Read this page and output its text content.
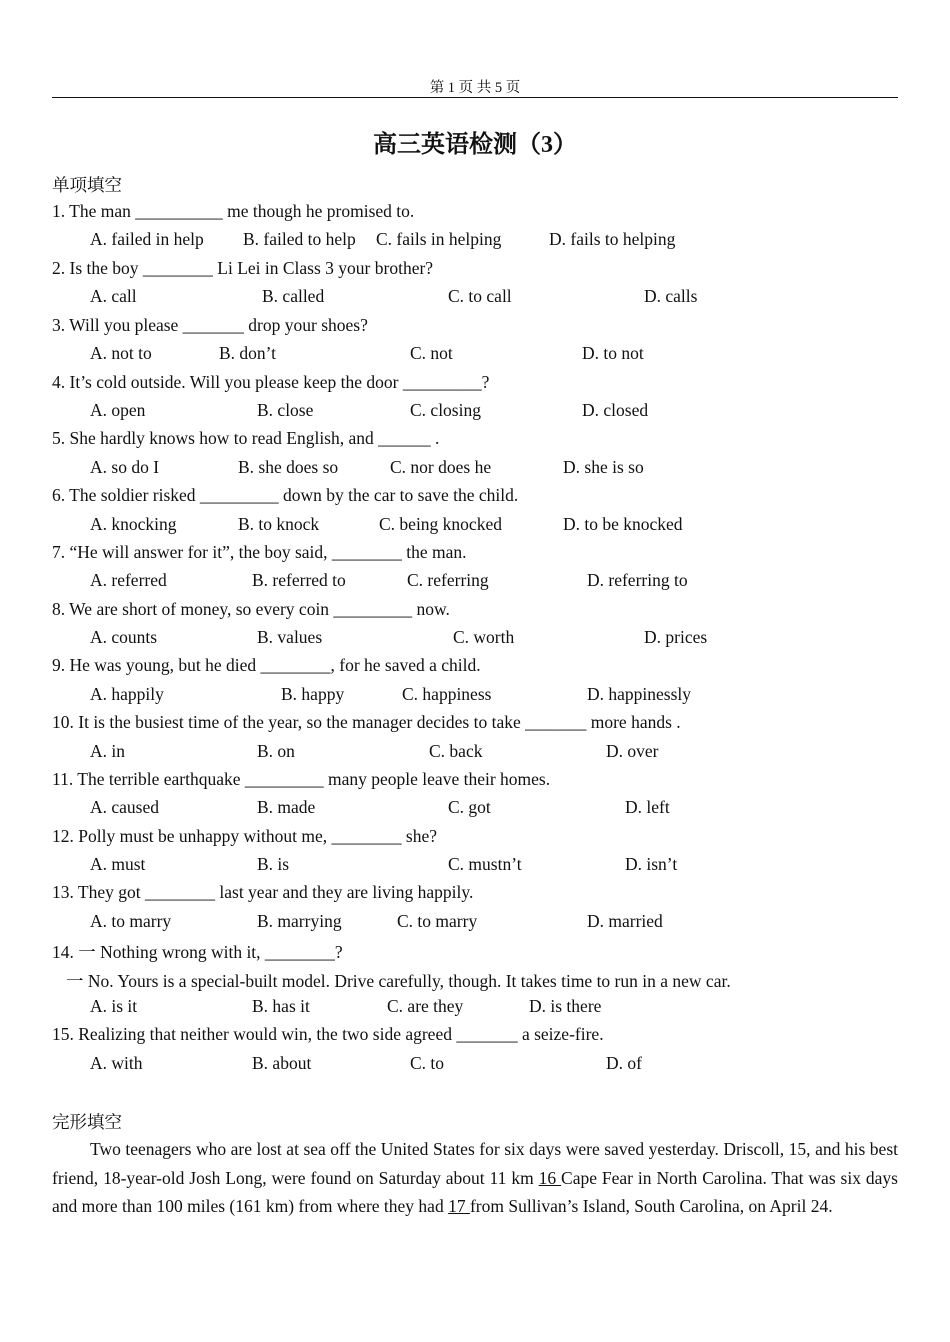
第 1 页 共 5 页
高三英语检测（3）
单项填空
1. The man __________ me though he promised to.
A. failed in help B. failed to help C. fails in helping	D. fails to helping
2. Is the boy ________ Li Lei in Class 3 your brother?
A. call	B. called	C. to call	D. calls
3. Will you please _______ drop your shoes?
A. not to	B. don’t	C. not	D. to not
4. It’s cold outside. Will you please keep the door _________?
A. open	B. close	C. closing	D. closed
5. She hardly knows how to read English, and ______ .
A. so do I	B. she does so	C. nor does he	D. she is so
6. The soldier risked _________ down by the car to save the child.
A. knocking	B. to knock	C. being knocked	D. to be knocked
7. “He will answer for it”, the boy said, ________ the man.
A. referred	B. referred to	C. referring	D. referring to
8. We are short of money, so every coin _________ now.
A. counts	B. values	C. worth	D. prices
9. He was young, but he died ________, for he saved a child.
A. happily	B. happy	C. happiness	D. happinessly
10. It is the busiest time of the year, so the manager decides to take _______ more hands .
A. in	B. on	C. back	D. over
11. The terrible earthquake _________ many people leave their homes.
A. caused	B. made	C. got	D. left
12. Polly must be unhappy without me, ________ she?
A. must	B. is	C. mustn’t	D. isn’t
13. They got ________ last year and they are living happily.
A. to marry	B. marrying	C. to marry	D. married
14. 一 Nothing wrong with it, ________?
一 No. Yours is a special-built model. Drive carefully, though. It takes time to run in a new car.
A. is it	B. has it	C. are they	D. is there
15. Realizing that neither would win, the two side agreed _______ a seize-fire.
A. with	B. about	C. to	D. of
完形填空
Two teenagers who are lost at sea off the United States for six days were saved yesterday. Driscoll, 15, and his best friend, 18-year-old Josh Long, were found on Saturday about 11 km 16 Cape Fear in North Carolina. That was six days and more than 100 miles (161 km) from where they had 17 from Sullivan’s Island, South Carolina, on April 24.
